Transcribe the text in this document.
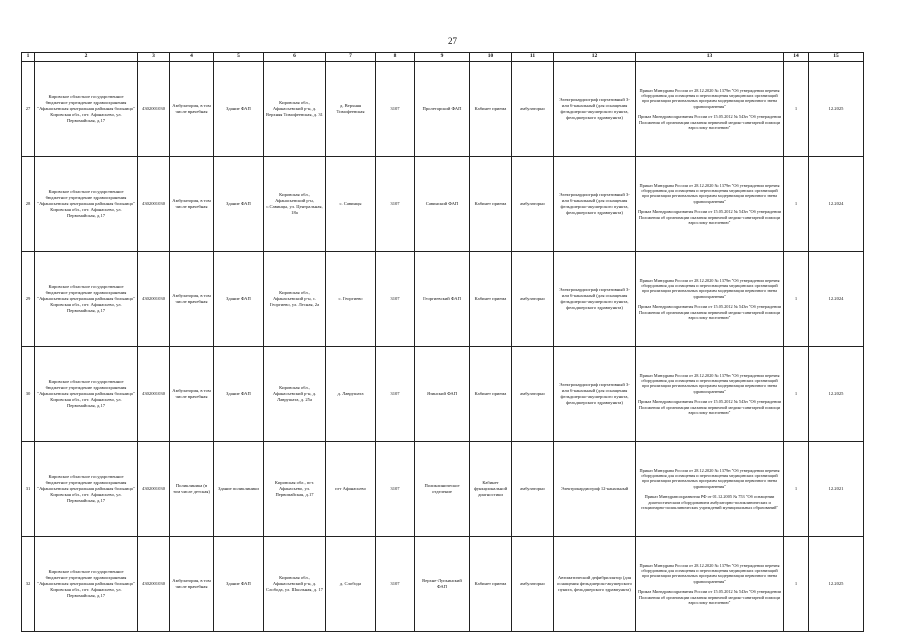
27
1	2	3	4	5	6	7	8	9	10	11	12	13	14	15
27	Кировское областное государственное бюджетное учреждение здравоохранения "Афанасьевская центральная районная больница" Кировская обл., пгт. Афанасьево, ул. Первомайская, д.17	4302001030	Амбулатория, в том числе врачебная	Здание ФАП	Кировская обл., Афанасьевский р-н, д. Верхняя Тимофеевская, д. 31	д. Верхняя Тимофеевская	3107	Пролетарский ФАП	Кабинет приема	амбулаторно	Электрокардиограф портативный 3- или 6-канальный (для оснащения фельдшерско-акушерского пункта, фельдшерского здравпункта)	Приказ Минздрава России от 28.12.2020 № 1379н "Об утверждении перечня оборудования для оснащения и переоснащения медицинских организаций при реализации региональных программ модернизации первичного звена здравоохранения"
Приказ Минздравсоцразвития России от 15.05.2012 № 543н "Об утверждении Положения об организации оказания первичной медико-санитарной помощи взрослому населению"	1	12.2025
28	Кировское областное государственное бюджетное учреждение здравоохранения "Афанасьевская центральная районная больница" Кировская обл., пгт. Афанасьево, ул. Первомайская, д.17	4302001030	Амбулатория, в том числе врачебная	Здание ФАП	Кировская обл., Афанасьевский р-н, с.Савинцы, ул. Центральная, 18а	с. Савинцы	3107	Савинский ФАП	Кабинет приема	амбулаторно	Электрокардиограф портативный 3- или 6-канальный (для оснащения фельдшерско-акушерского пункта, фельдшерского здравпункта)	Приказ Минздрава России от 28.12.2020 № 1379н "Об утверждении перечня оборудования для оснащения и переоснащения медицинских организаций при реализации региональных программ модернизации первичного звена здравоохранения"
Приказ Минздравсоцразвития России от 15.05.2012 № 543н "Об утверждении Положения об организации оказания первичной медико-санитарной помощи взрослому населению"	1	12.2024
29	Кировское областное государственное бюджетное учреждение здравоохранения "Афанасьевская центральная районная больница" Кировская обл., пгт. Афанасьево, ул. Первомайская, д.17	4302001030	Амбулатория, в том числе врачебная	Здание ФАП	Кировская обл., Афанасьевский р-н, с. Георгиево, ул. Лесная, 2а	с. Георгиево	3107	Георгиевский ФАП	Кабинет приема	амбулаторно	Электрокардиограф портативный 3- или 6-канальный (для оснащения фельдшерско-акушерского пункта, фельдшерского здравпункта)	Приказ Минздрава России от 28.12.2020 № 1379н "Об утверждении перечня оборудования для оснащения и переоснащения медицинских организаций при реализации региональных программ модернизации первичного звена здравоохранения"
Приказ Минздравсоцразвития России от 15.05.2012 № 543н "Об утверждении Положения об организации оказания первичной медико-санитарной помощи взрослому населению"	1	12.2024
30	Кировское областное государственное бюджетное учреждение здравоохранения "Афанасьевская центральная районная больница" Кировская обл., пгт. Афанасьево, ул. Первомайская, д.17	4302001030	Амбулатория, в том числе врачебная	Здание ФАП	Кировская обл., Афанасьевский р-н, д. Лаврушата, д. 25а	д. Лаврушата	3107	Язинский ФАП	Кабинет приема	амбулаторно	Электрокардиограф портативный 3- или 6-канальный (для оснащения фельдшерско-акушерского пункта, фельдшерского здравпункта)	Приказ Минздрава России от 28.12.2020 № 1379н "Об утверждении перечня оборудования для оснащения и переоснащения медицинских организаций при реализации региональных программ модернизации первичного звена здравоохранения"
Приказ Минздравсоцразвития России от 15.05.2012 № 543н "Об утверждении Положения об организации оказания первичной медико-санитарной помощи взрослому населению"	1	12.2025
31	Кировское областное государственное бюджетное учреждение здравоохранения "Афанасьевская центральная районная больница" Кировская обл., пгт. Афанасьево, ул. Первомайская, д.17	4302001030	Поликлиника (в том числе детская)	Здание поликлиники	Кировская обл., пгт. Афанасьево, ул. Первомайская, д.17	пгт Афанасьево	3107	Поликлиническое отделение	Кабинет функциональной диагностики	амбулаторно	Электрокардиограф 12-канальный	Приказ Минздрава России от 28.12.2020 № 1379н "Об утверждении перечня оборудования для оснащения и переоснащения медицинских организаций при реализации региональных программ модернизации первичного звена здравоохранения"
Приказ Минздравсоцразвития РФ от 01.12.2005 № 753 "Об оснащении диагностическим оборудованием амбулаторно-поликлинических и стационарно-поликлинических учреждений муниципальных образований"	1	12.2021
32	Кировское областное государственное бюджетное учреждение здравоохранения "Афанасьевская центральная районная больница" Кировская обл., пгт. Афанасьево, ул. Первомайская, д.17	4302001030	Амбулатория, в том числе врачебная	Здание ФАП	Кировская обл., Афанасьевский р-н, д. Слобода, ул. Школьная, д. 17	д. Слобода	3107	Верхне-Лупьинский ФАП	Кабинет приема	амбулаторно	Автоматический дефибриллятор (для оснащения фельдшерско-акушерского пункта, фельдшерского здравпункта)	Приказ Минздрава России от 28.12.2020 № 1379н "Об утверждении перечня оборудования для оснащения и переоснащения медицинских организаций при реализации региональных программ модернизации первичного звена здравоохранения"
Приказ Минздравсоцразвития России от 15.05.2012 № 543н "Об утверждении Положения об организации оказания первичной медико-санитарной помощи взрослому населению"	1	12.2025
